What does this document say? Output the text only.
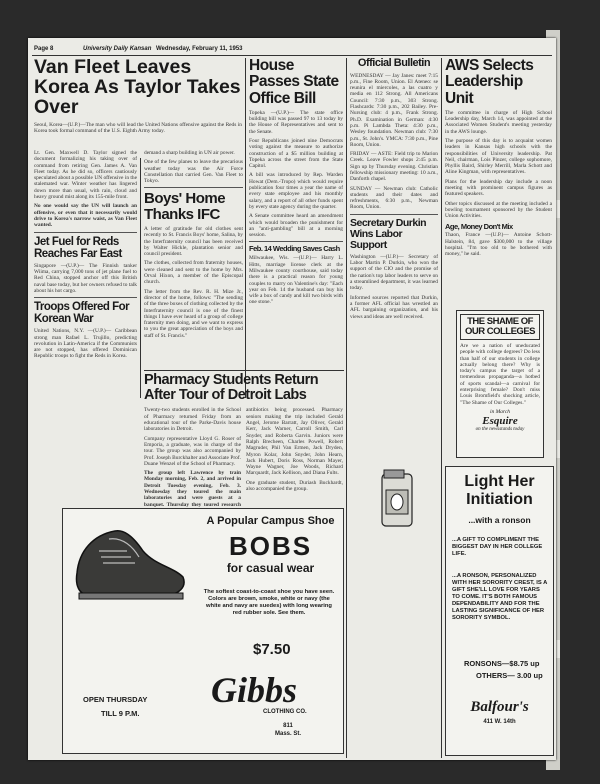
Page 8	University Daily Kansan Wednesday, February 11, 1953
Van Fleet Leaves Korea As Taylor Takes Over

Seoul, Korea—(U.P.)—The man who will lead the United Nations offensive against the Reds in Korea took formal command of the U.S. Eighth Army today.

Lt. Gen. Maxwell D. Taylor signed the document formalizing his taking over of command from retiring Gen. James A. Van Fleet today. As he did so, officers cautiously speculated about a possible UN offensive in the stalemated war. Winter weather has lingered down more than usual, with rain, cloud and heavy ground mist along its 155-mile front.

No one would say the UN will launch an offensive, or even that it necessarily would drive to Korea's narrow waist, as Van Fleet wanted.

Jet Fuel for Reds Reaches Far East

Singapore —(U.P.)— The Finnish tanker Wiima, carrying 7,000 tons of jet plane fuel to Red China, stopped anchor off this British naval base today, but her owners refused to talk about his hot cargo.

Troops Offered For Korean War

United Nations, N.Y. —(U.P.)— Caribbean strong man Rafael L. Trujillo, predicting revolution in Latin-America if the Communists are not stopped, has offered Dominican Republic troops to fight the Reds in Korea.

demand a sharp building in UN air power.

One of the few planes to leave the precarious weather today was the Air Force Constellation that carried Gen. Van Fleet to Tokyo.

Boys' Home Thanks IFC

A letter of gratitude for old clothes sent recently to St. Francis Boys' home, Salina, by the Interfraternity council has been received by Walter Hickle, plantation senior and council president.

The clothes, collected from fraternity houses, were cleaned and sent to the home by Mrs. Orval Hixon, a member of the Episcopal church.

The letter from the Rev. R. H. Mize Jr., director of the home, follows: "The sending of the three boxes of clothing collected by the Interfraternity council is one of the finest things I have ever heard of a group of college fraternity men doing, and we want to express to you the great appreciation of the boys and staff of St. Francis."

House Passes State Office Bill

Topeka —(U.P.)— The state office building bill was passed 97 to 13 today by the House of Representatives and sent to the Senate.

Four Republicans joined nine Democrats voting against the measure to authorize construction of a $5 million building at Topeka across the street from the State Capitol.

A bill was introduced by Rep. Warden Howat (Dem.-Tropo) which would require publication four times a year the name of every state employee and his monthly salary, and a report of all other funds spent by every state agency during the quarter.

A Senate committee heard an amendment which would broaden the punishment for an "anti-gambling" bill at a morning session.

Feb. 14 Wedding Saves Cash

Milwaukee, Wis. —(U.P.)— Harry L. Hitts, marriage license clerk at the Milwaukee county courthouse, said today there is a practical reason for young couples to marry on Valentine's day: "Each year on Feb. 14 the husband can buy his wife a box of candy and kill two birds with one stone."

Pharmacy Students Return After Tour of Detroit Labs

Twenty-two students enrolled in the School of Pharmacy returned Friday from an educational tour of the Parke-Davis house laboratories in Detroit.

Company representative Lloyd G. Roser of Emporia, a graduate, was in charge of the tour. The group was also accompanied by Prof. Joseph Burckhalter and Associate Prof. Duane Wenzel of the School of Pharmacy.

The group left Lawrence by train Monday morning, Feb. 2, and arrived in Detroit Tuesday evening, Feb. 3. Wednesday they toured the main laboratories and were guests at a banquet. Thursday they toured research

antibiotics being processed. Pharmacy seniors making the trip included Gerald Angel, Jerome Barratt, Jay Oliver, Gerald Kerr, Jack Warner, Carroll Smith, Carl Snyder, and Roberta Garvin. Juniors were Ralph Brecheen, Charles Powell, Robert Magruder, Phil Van Ermen, Jack Dryden, Myron Kolar, John Snyder, John Hearn, Jack Hubert, Doris Ross, Norman Mayer, Wayne Wagner, Joe Woods, Richard Marquardt, Jack Kellison, and Diana Fults.

One graduate student, Duriash Buckhardt, also accompanied the group.

Official Bulletin

WEDNESDAY — Jay Janes: meet 7:15 p.m., Fine Room, Union. El Ateneo: se reunira el miercoles, a las cuatro y media en 112 Strong. All Americans Council: 7:30 p.m., 303 Strong. Flashcards: 7:30 p.m., 202 Bailey. Pre-Nursing club: 4 p.m., Frank Strong. Ph.D. Examination in German: 4:30 p.m. Pi Lambda Theta: 4:30 p.m., Wesley foundation. Newman club: 7:30 p.m., St. John's. YMCA: 7:30 p.m., Pine Room, Union.

FRIDAY — ASTE: Field trip to Marion Creek. Leave Fowler shops 2:45 p.m. Sign up by Thursday evening. Christian fellowship missionary meeting: 10 a.m., Danforth chapel.

SUNDAY — Newman club: Catholic students and their dates and refreshments, 6:30 p.m., Newman Room, Union.

Secretary Durkin Wins Labor Support

Washington —(U.P.)— Secretary of Labor Martin P. Durkin, who won the support of the CIO and the promise of the nation's top labor leaders to serve on a streamlined department, it was learned today.

Informed sources reported that Durkin, a former AFL official has wrestled an AFL bargaining organization, and his views and ideas are well received.

AWS Selects Leadership Unit

The committee in charge of High School Leadership day, March 14, was appointed at the Associated Women Student's meeting yesterday in the AWS lounge.

The purpose of this day is to acquaint women leaders in Kansas high schools with the responsibilities of University leadership. Pat Neil, chairman, Lois Pinzer, college sophomore, Phyllis Baird, Shirley Merrill, Marla Schott and Aline Kingman, with representatives.

Plans for the leadership day include a noon meeting with prominent campus figures as featured speakers.

Other topics discussed at the meeting included a bowling tournament sponsored by the Student Union Activities.

Age, Money Don't Mix

Thaon, France —(U.P.)— Antoine Schott-Halstein, 84, gave $300,000 to the village hospital. "I'm too old to be bothered with money," he said.

THE SHAME OF OUR COLLEGES

Are we a nation of uneducated people with college degrees? Do less than half of our students in college actually belong there? Why is today's campus the target of a tremendous propaganda—a hotbed of sports scandal—a carnival for enterprising female? Don't miss Louis Bromfield's shocking article, "The Shame of Our Colleges."

in March
Esquire
on the newsstands today
A Popular Campus Shoe
BOBS
for casual wear
The softest coast-to-coast shoe you have seen. Colors are brown, smoke, white or navy (the white and navy are suedes) with long wearing red rubber sole. See them.
$7.50
OPEN THURSDAY
TILL 9 P.M.
Gibbs
CLOTHING CO.
811
Mass. St.
Light Her Initiation
...with a ronson
...A GIFT TO COMPLIMENT THE BIGGEST DAY IN HER COLLEGE LIFE.
...A RONSON, PERSONALIZED WITH HER SORORITY CREST, IS A GIFT SHE'LL LOVE FOR YEARS TO COME. IT'S BOTH FAMOUS DEPENDABILITY AND FOR THE LASTING SIGNIFICANCE OF HER SORORITY SYMBOL.
RONSONS—$8.75 up
OTHERS— 3.00 up
Balfour's
411 W. 14th
